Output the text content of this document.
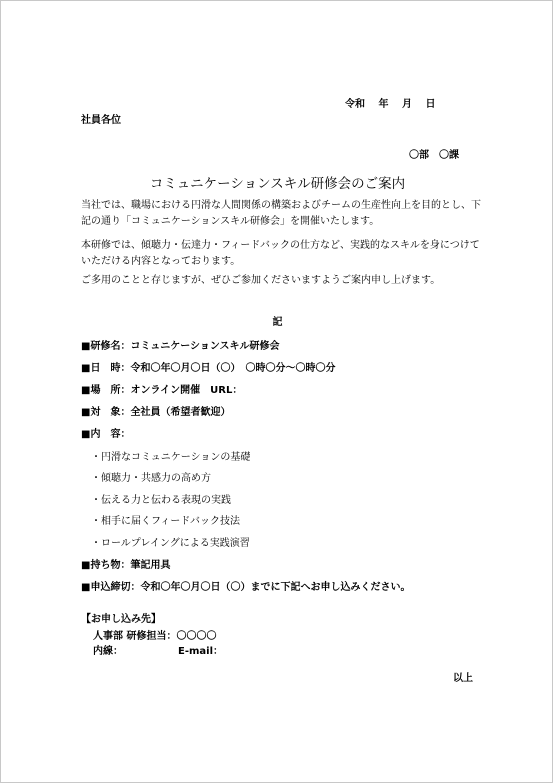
令和　 年　 月　 日
社員各位
〇部　〇課
コミュニケーションスキル研修会のご案内
当社では、職場における円滑な人間関係の構築およびチームの生産性向上を目的とし、下記の通り「コミュニケーションスキル研修会」を開催いたします。
本研修では、傾聴力・伝達力・フィードバックの仕方など、実践的なスキルを身につけていただける内容となっております。
ご多用のことと存じますが、ぜひご参加くださいますようご案内申し上げます。
記
■研修名：コミュニケーションスキル研修会
■日　時：令和〇年〇月〇日（〇）　〇時〇分～〇時〇分
■場　所：オンライン開催　URL：
■対　象：全社員（希望者歓迎）
■内　容：
・円滑なコミュニケーションの基礎
・傾聴力・共感力の高め方
・伝える力と伝わる表現の実践
・相手に届くフィードバック技法
・ロールプレイングによる実践演習
■持ち物：筆記用具
■申込締切：令和〇年〇月〇日（〇）までに下記へお申し込みください。
【お申し込み先】
人事部 研修担当：〇〇〇〇
内線：　　　　　　E-mail：
以上
